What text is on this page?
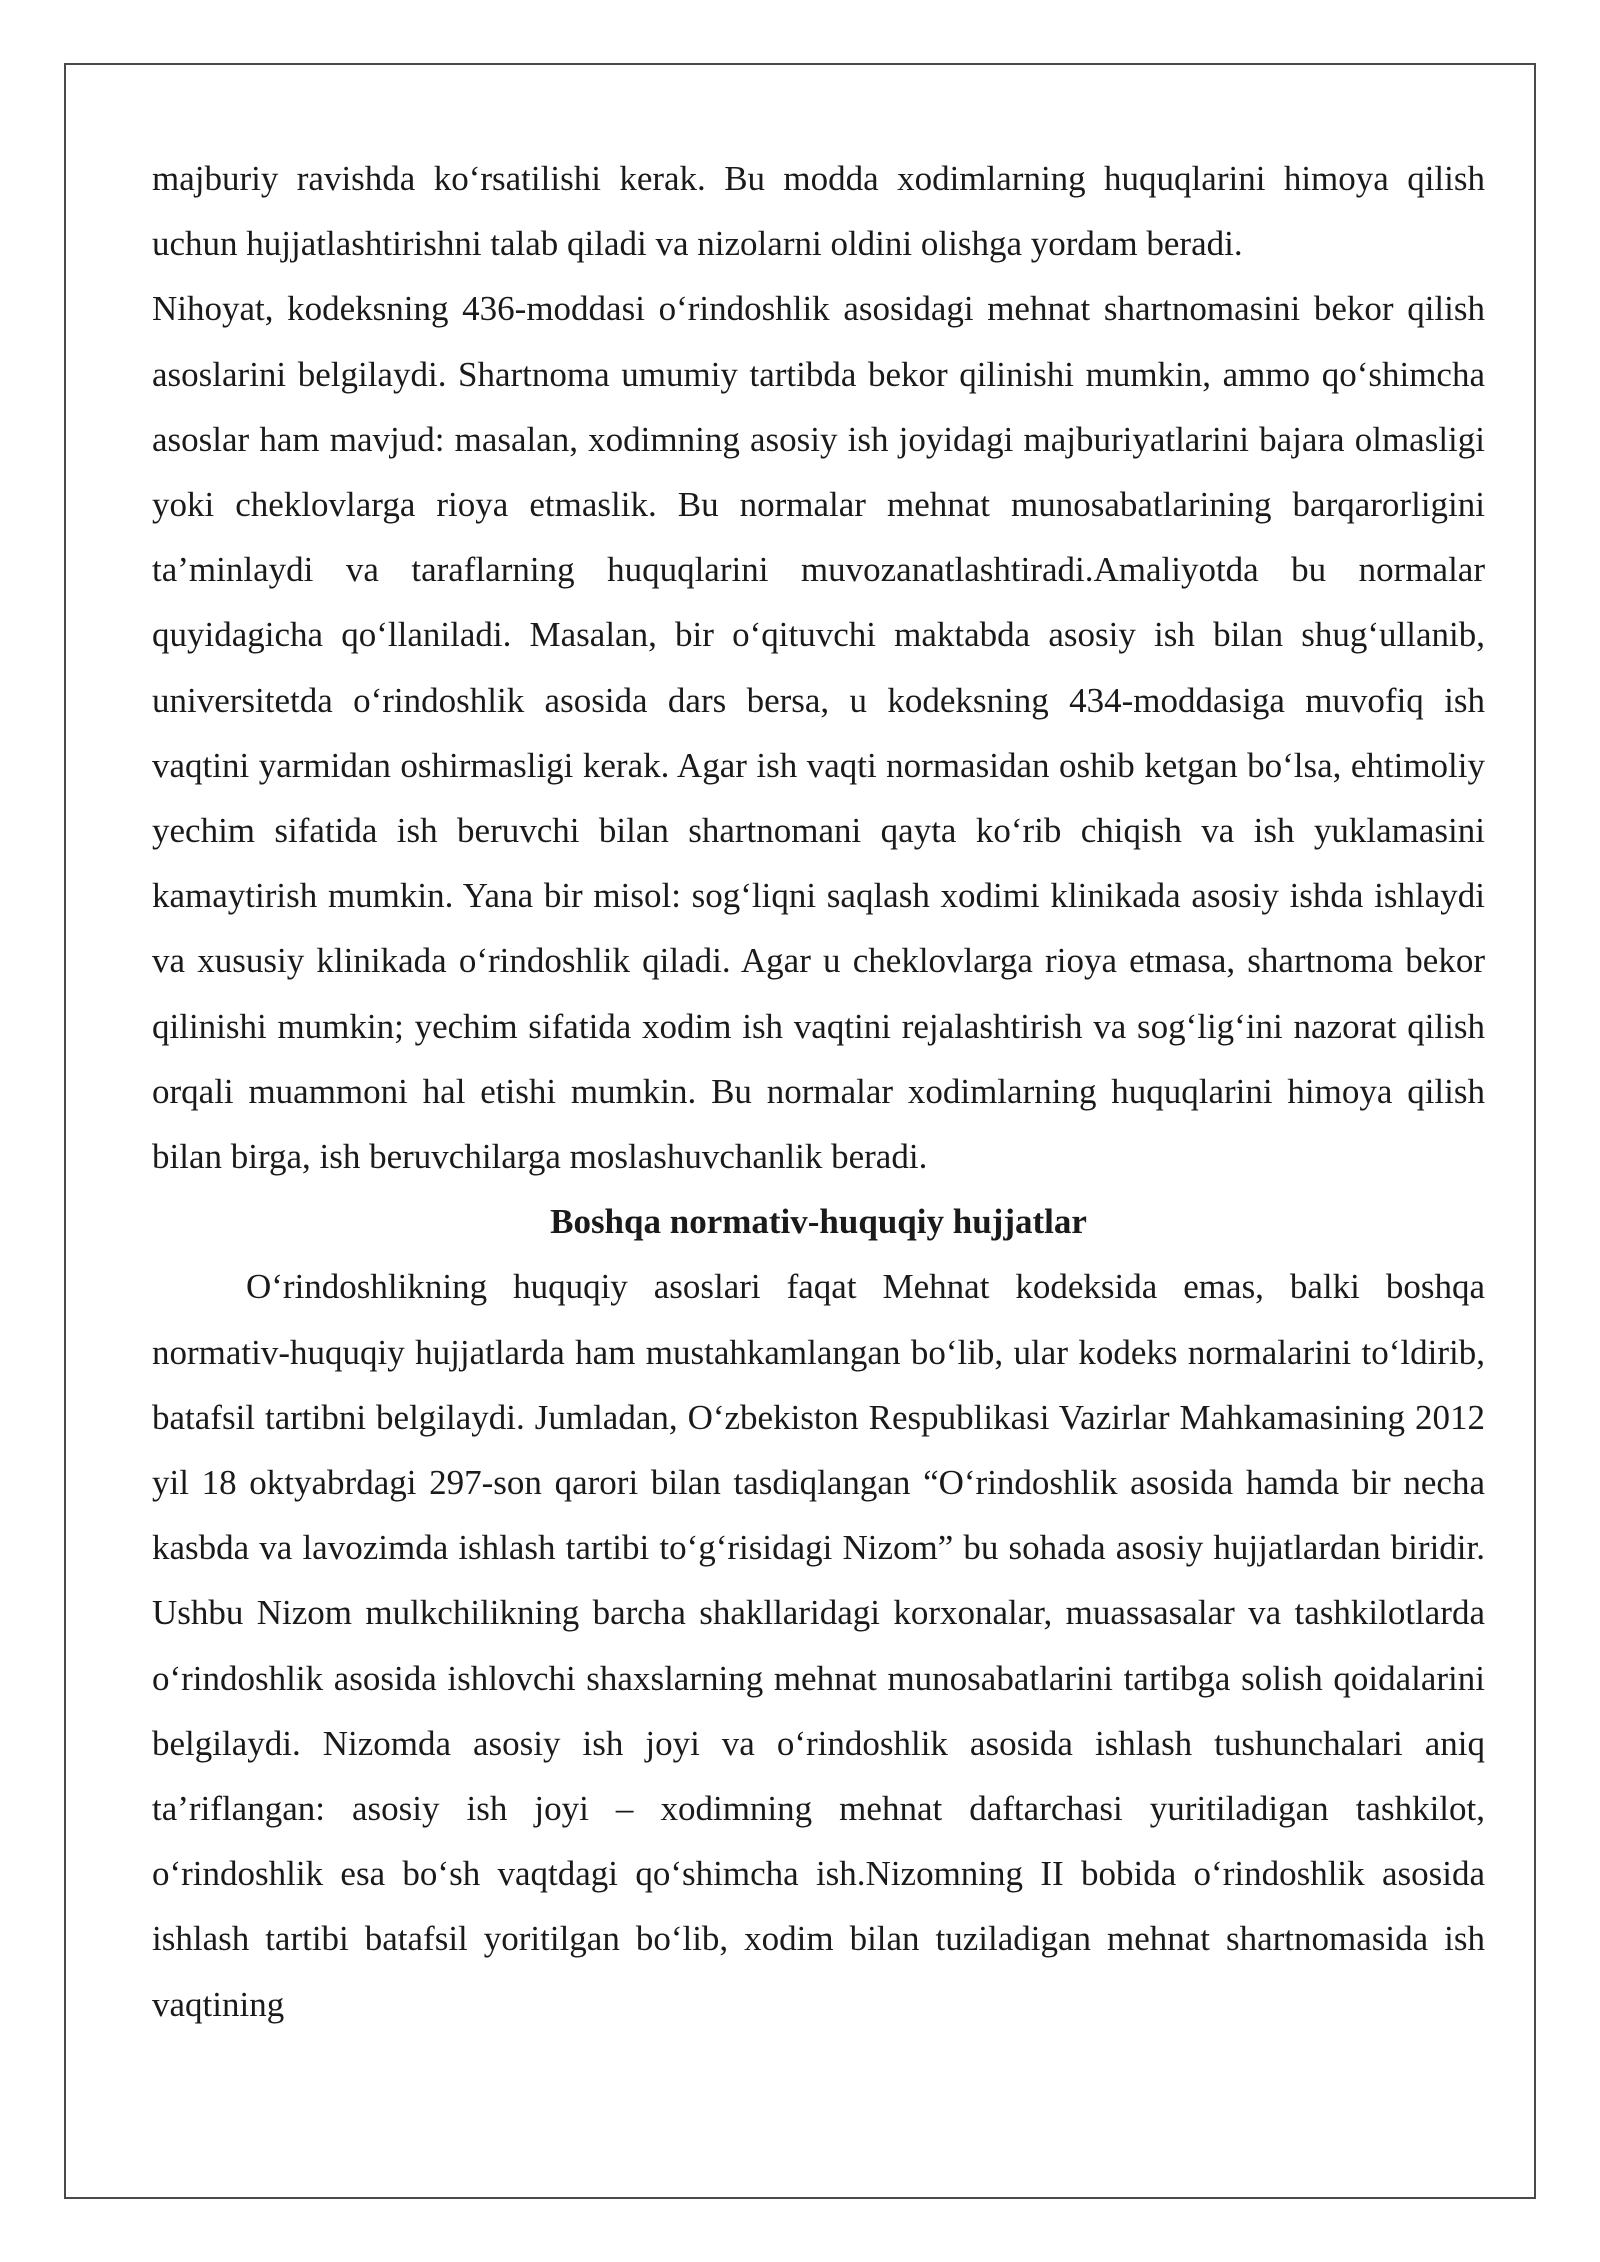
majburiy ravishda koʻrsatilishi kerak. Bu modda xodimlarning huquqlarini himoya qilish uchun hujjatlashtirishni talab qiladi va nizolarni oldini olishga yordam beradi.

Nihoyat, kodeksning 436-moddasi oʻrindoshlik asosidagi mehnat shartnomasini bekor qilish asoslarini belgilaydi. Shartnoma umumiy tartibda bekor qilinishi mumkin, ammo qoʻshimcha asoslar ham mavjud: masalan, xodimning asosiy ish joyidagi majburiyatlarini bajara olmasligi yoki cheklovlarga rioya etmaslik. Bu normalar mehnat munosabatlarining barqarorligini ta’minlaydi va taraflarning huquqlarini muvozanatlashtiradi.Amaliyotda bu normalar quyidagicha qoʻllaniladi. Masalan, bir oʻqituvchi maktabda asosiy ish bilan shugʻullanib, universitetda oʻrindoshlik asosida dars bersa, u kodeksning 434-moddasiga muvofiq ish vaqtini yarmidan oshirmasligi kerak. Agar ish vaqti normasidan oshib ketgan boʻlsa, ehtimoliy yechim sifatida ish beruvchi bilan shartnomani qayta koʻrib chiqish va ish yuklamasini kamaytirish mumkin. Yana bir misol: sogʻliqni saqlash xodimi klinikada asosiy ishda ishlaydi va xususiy klinikada oʻrindoshlik qiladi. Agar u cheklovlarga rioya etmasa, shartnoma bekor qilinishi mumkin; yechim sifatida xodim ish vaqtini rejalashtirish va sogʻligʻini nazorat qilish orqali muammoni hal etishi mumkin. Bu normalar xodimlarning huquqlarini himoya qilish bilan birga, ish beruvchilarga moslashuvchanlik beradi.

Boshqa normativ-huquqiy hujjatlar

Oʻrindoshlikning huquqiy asoslari faqat Mehnat kodeksida emas, balki boshqa normativ-huquqiy hujjatlarda ham mustahkamlangan boʻlib, ular kodeks normalarini toʻldirib, batafsil tartibni belgilaydi. Jumladan, Oʻzbekiston Respublikasi Vazirlar Mahkamasining 2012 yil 18 oktyabrdagi 297-son qarori bilan tasdiqlangan “Oʻrindoshlik asosida hamda bir necha kasbda va lavozimda ishlash tartibi toʻgʻrisidagi Nizom” bu sohada asosiy hujjatlardan biridir. Ushbu Nizom mulkchilikning barcha shakllaridagi korxonalar, muassasalar va tashkilotlarda oʻrindoshlik asosida ishlovchi shaxslarning mehnat munosabatlarini tartibga solish qoidalarini belgilaydi. Nizomda asosiy ish joyi va oʻrindoshlik asosida ishlash tushunchalari aniq ta’riflangan: asosiy ish joyi – xodimning mehnat daftarchasi yuritiladigan tashkilot, oʻrindoshlik esa boʻsh vaqtdagi qoʻshimcha ish.Nizomning II bobida oʻrindoshlik asosida ishlash tartibi batafsil yoritilgan boʻlib, xodim bilan tuziladigan mehnat shartnomasida ish vaqtining
